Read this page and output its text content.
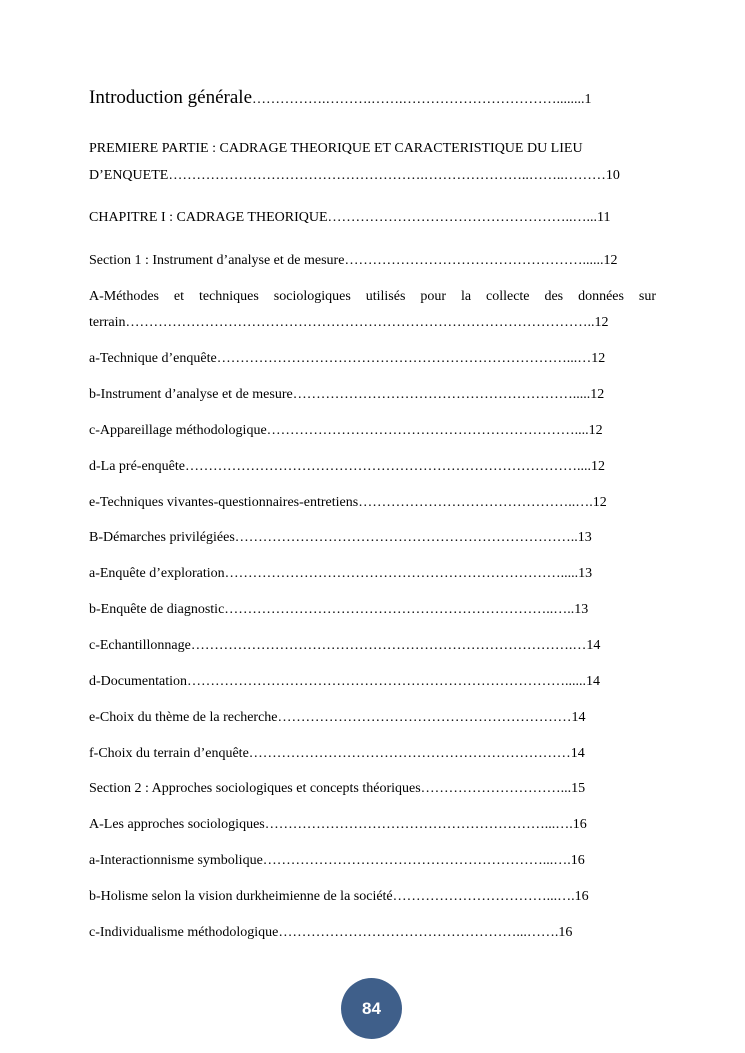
Introduction générale…………….……….…….……………………………........1
PREMIERE PARTIE : CADRAGE THEORIQUE ET CARACTERISTIQUE DU LIEU
D’ENQUETE……………………………………………….…………………..……..………10
CHAPITRE I : CADRAGE THEORIQUE……………………………………………..…...11
Section 1 : Instrument d’analyse et de mesure……………………………………………......12
A-Méthodes et techniques sociologiques utilisés pour la collecte des données sur
terrain………………………………………………………………………………………..12
a-Technique d’enquête…………………………………………………………………...…12
b-Instrument d’analyse et de mesure…………………………………………………….....12
c-Appareillage méthodologique…………………………………………………………....12
d-La pré-enquête…………………………………………………………………………....12
e-Techniques vivantes-questionnaires-entretiens………………………………………..….12
B-Démarches privilégiées………………………………………………………………..13
a-Enquête d’exploration……………………………………………………………….....13
b-Enquête de diagnostic……………………………………………………………..…..13
c-Echantillonnage……………………………………………………………………….…14
d-Documentation………………………………………………………………………......14
e-Choix du thème de la recherche………………………………………………………14
f-Choix du terrain d’enquête……………………………………………………………14
Section 2 : Approches sociologiques et concepts théoriques…………………………...15
A-Les approches sociologiques……………………………………………………...….16
a-Interactionnisme symbolique……………………………………………………...….16
b-Holisme selon la vision durkheimienne de la société……………………………...….16
c-Individualisme méthodologique……………………………………………...…….16
84
